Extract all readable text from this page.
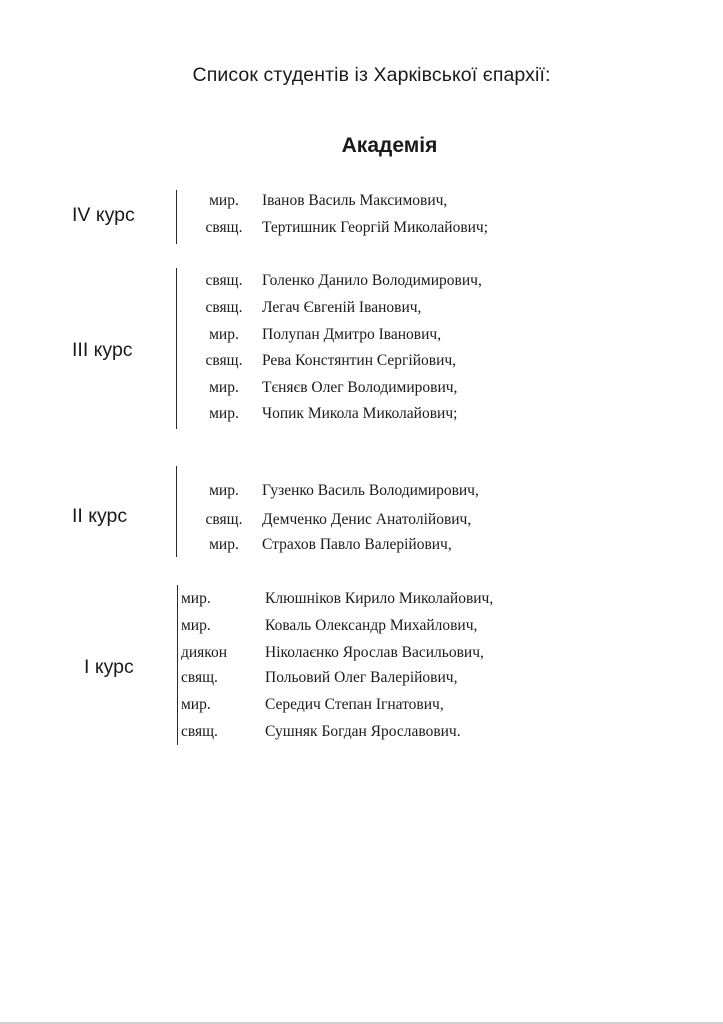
Список студентів із Харківської єпархії:
Академія
IV курс
мир.	Іванов Василь Максимович,
свящ.	Тертишник Георгій Миколайович;
III курс
свящ.	Голенко Данило Володимирович,
свящ.	Легач Євгеній Іванович,
мир.	Полупан Дмитро Іванович,
свящ.	Рева Констянтин Сергійович,
мир.	Тєняєв Олег Володимирович,
мир.	Чопик Микола Миколайович;
II курс
мир.	Гузенко Василь Володимирович,
свящ.	Демченко Денис Анатолійович,
мир.	Страхов Павло Валерійович,
I курс
мир.	Клюшніков Кирило Миколайович,
мир.	Коваль Олександр Михайлович,
диякон	Ніколаєнко Ярослав Васильович,
свящ.	Польовий Олег Валерійович,
мир.	Середич Степан Ігнатович,
свящ.	Сушняк Богдан Ярославович.
